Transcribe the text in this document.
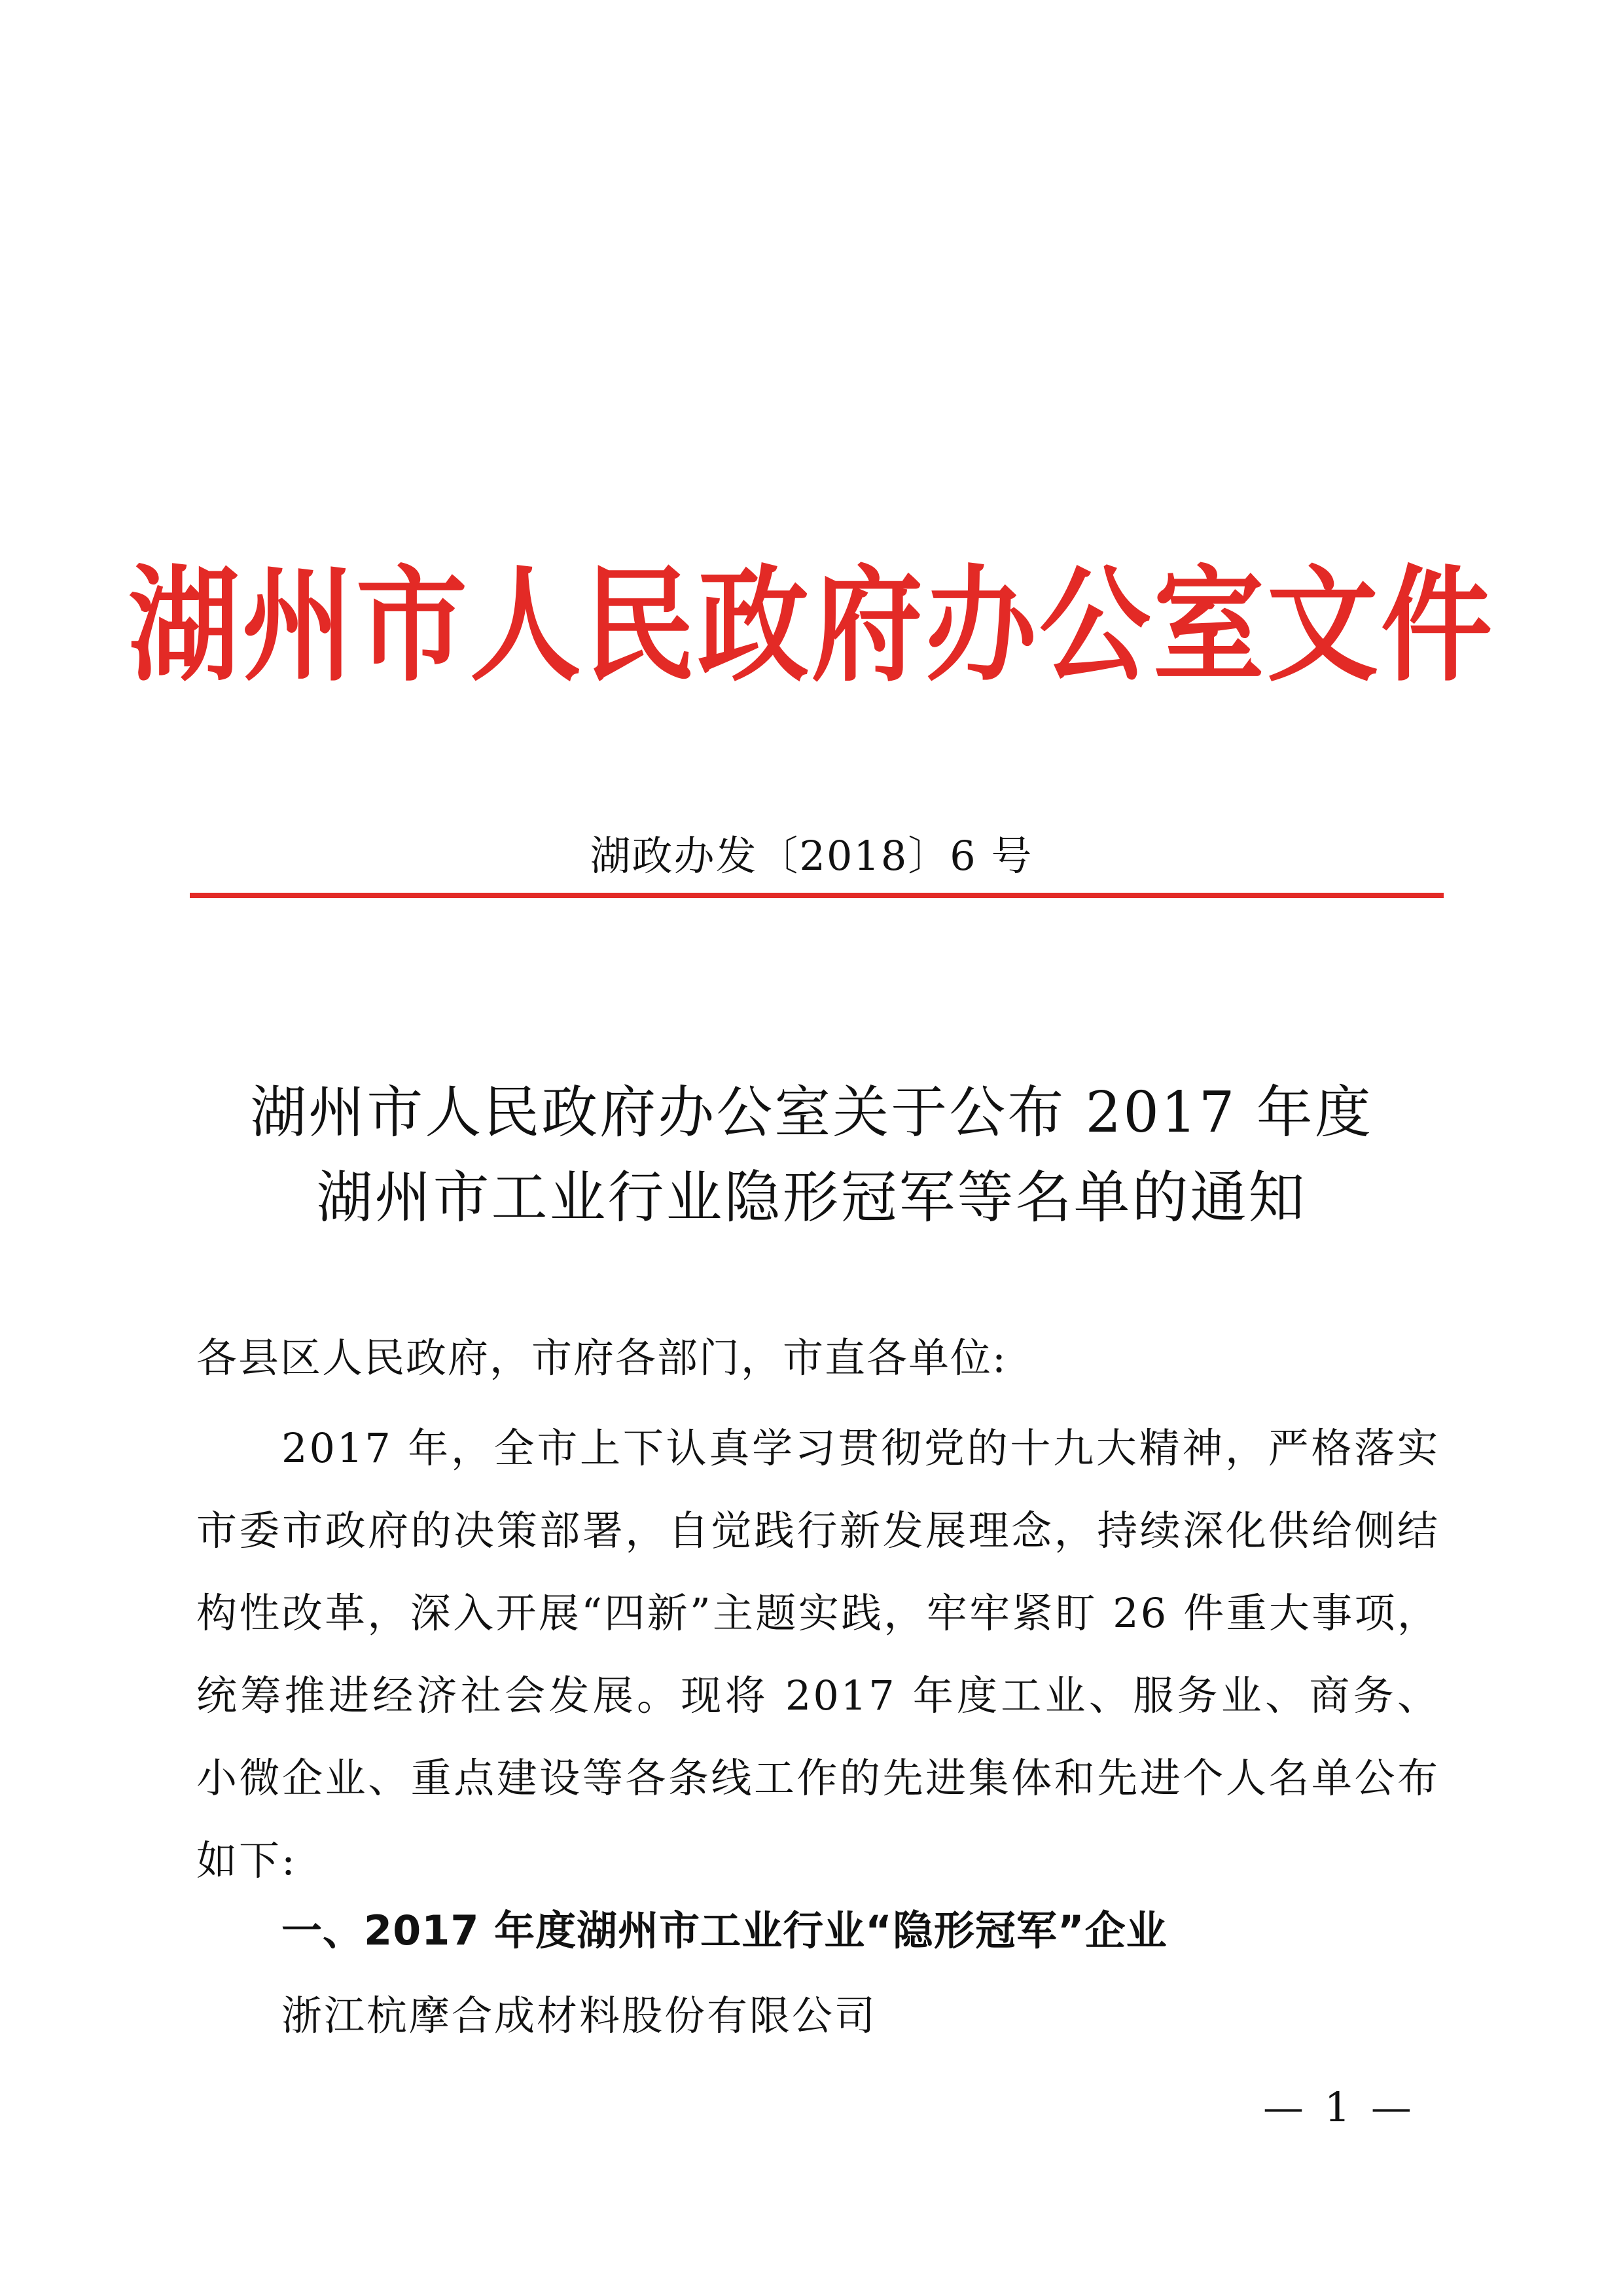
湖州市人民政府办公室文件
湖政办发〔2018〕6 号
湖州市人民政府办公室关于公布 2017 年度
湖州市工业行业隐形冠军等名单的通知
各县区人民政府，市府各部门，市直各单位:
2017 年，全市上下认真学习贯彻党的十九大精神，严格落实市委市政府的决策部署，自觉践行新发展理念，持续深化供给侧结构性改革，深入开展“四新”主题实践，牢牢紧盯 26 件重大事项，统筹推进经济社会发展。现将 2017 年度工业、服务业、商务、小微企业、重点建设等各条线工作的先进集体和先进个人名单公布如下:
一、2017 年度湖州市工业行业“隐形冠军”企业
浙江杭摩合成材料股份有限公司
— 1 —
